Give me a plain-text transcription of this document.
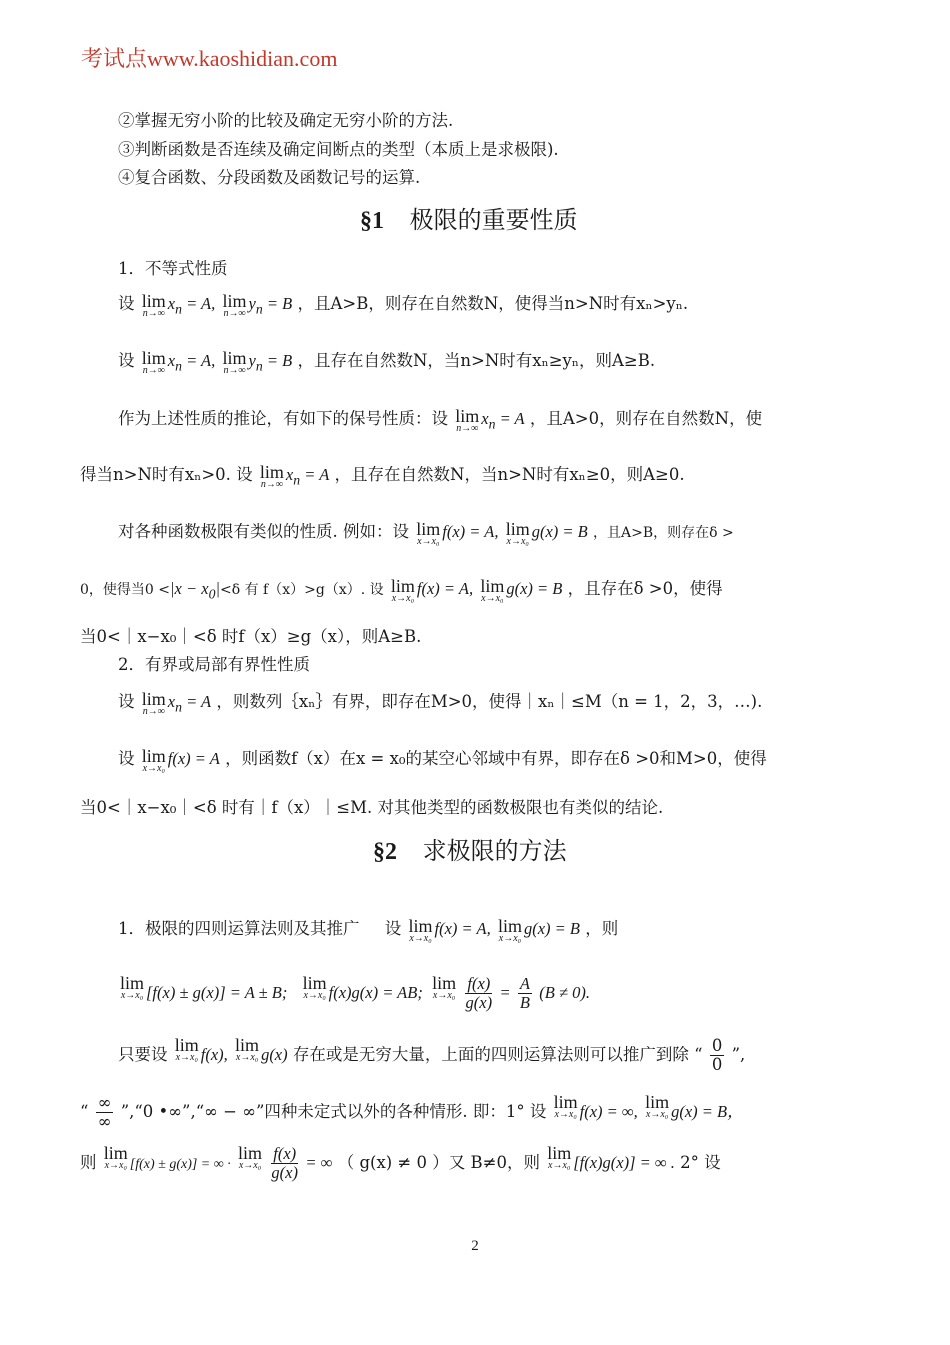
考试点www.kaoshidian.com
②掌握无穷小阶的比较及确定无穷小阶的方法.
③判断函数是否连续及确定间断点的类型（本质上是求极限).
④复合函数、分段函数及函数记号的运算.
§1 极限的重要性质
1．不等式性质
设 lim
n→∞
$x_n = A$, lim
n→∞
$y_n = B$ ，且A>B，则存在自然数N，使得当n>N时有xₙ>yₙ.
设 lim
n→∞
$x_n = A$, lim
n→∞
$y_n = B$ ，且存在自然数N，当n>N时有xₙ≥yₙ，则A≥B.
作为上述性质的推论，有如下的保号性质：设 lim
n→∞
$x_n = A$ ，且A>0，则存在自然数N，使
得当n>N时有xₙ>0. 设 lim
n→∞
$x_n = A$ ，且存在自然数N，当n>N时有xₙ≥0，则A≥0.
对各种函数极限有类似的性质. 例如：设 lim
x→x₀
f(x) = A, lim
x→x₀
g(x) = B ，且A>B，则存在δ >
0，使得当$0 <|x - x_0|<\delta$ 有 f（x）>g（x）. 设 lim
x→x₀
f(x) = A, lim
x→x₀
g(x) = B ，且存在δ >0，使得
当0<｜x−x₀｜<δ 时f（x）≥g（x），则A≥B.
2．有界或局部有界性性质
设 lim
n→∞
$x_n = A$ ，则数列｛xₙ｝有界，即存在M>0，使得｜xₙ｜≤M（n = 1，2，3，…).
设 lim
x→x₀
f(x) = A ，则函数f（x）在x = x₀的某空心邻域中有界，即存在δ >0和M>0，使得
当0<｜x−x₀｜<δ 时有｜f（x）｜≤M. 对其他类型的函数极限也有类似的结论.
§2 求极限的方法
1．极限的四则运算法则及其推广 设 lim
x→x₀
f(x) = A, lim
x→x₀
g(x) = B ，则
lim
x→x₀ [f(x) ± g(x)] = A ± B; lim
x→x₀ f(x)g(x) = AB; lim
x→x₀
$\frac{f(x)}{g(x)} = \frac{A}{B} (B \ne 0)$.
只要设 lim
x→x₀ f(x), lim
x→x₀ g(x) 存在或是无穷大量，上面的四则运算法则可以推广到除 “ $\frac{0}{0}$ ”,
“ $\frac{\infty}{\infty}$ ”,“0 •∞”,“∞ − ∞”四种未定式以外的各种情形. 即：1° 设 lim
x→x₀ f(x) = ∞, lim
x→x₀ g(x) = B，
则 lim
x→x₀ [f(x) ± g(x)] = ∞ ·
lim
x→x₀
$\frac{f(x)}{g(x)}$ = ∞ （ g(x) ≠ 0 ）又 B≠0，则 lim
x→x₀ [f(x)g(x)] = ∞ . 2° 设
2
